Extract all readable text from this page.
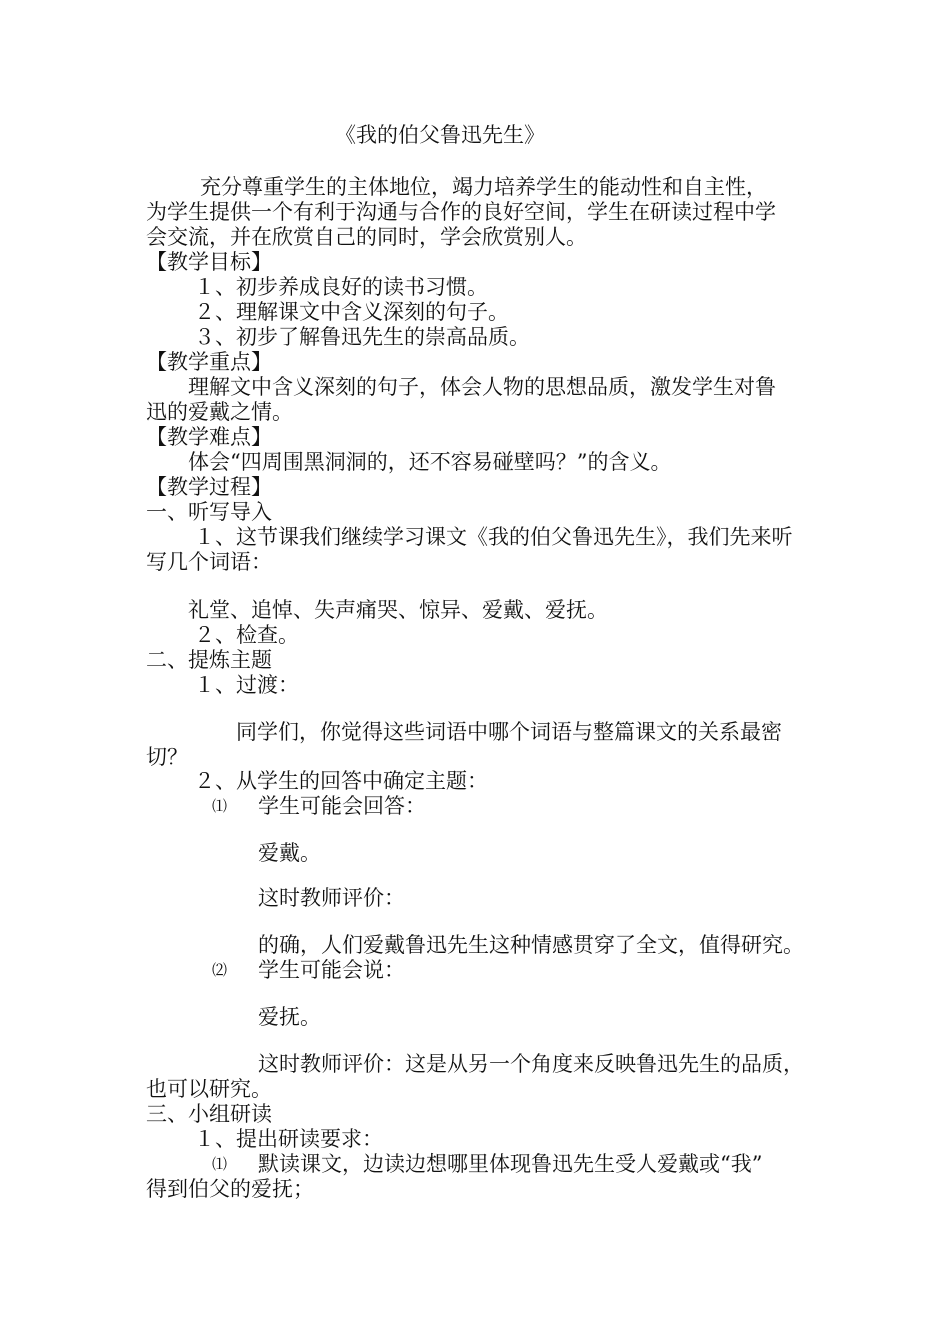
《我的伯父鲁迅先生》
充分尊重学生的主体地位，竭力培养学生的能动性和自主性，
为学生提供一个有利于沟通与合作的良好空间，学生在研读过程中学
会交流，并在欣赏自己的同时，学会欣赏别人。
【教学目标】
１、初步养成良好的读书习惯。
２、理解课文中含义深刻的句子。
３、初步了解鲁迅先生的崇高品质。
【教学重点】
理解文中含义深刻的句子，体会人物的思想品质，激发学生对鲁
迅的爱戴之情。
【教学难点】
体会“四周围黑洞洞的，还不容易碰壁吗？”的含义。
【教学过程】
一、听写导入
１、这节课我们继续学习课文《我的伯父鲁迅先生》，我们先来听
写几个词语：
礼堂、追悼、失声痛哭、惊异、爱戴、爱抚。
２、检查。
二、提炼主题
１、过渡：
同学们，你觉得这些词语中哪个词语与整篇课文的关系最密
切？
２、从学生的回答中确定主题：
⑴ 学生可能会回答：
爱戴。
这时教师评价：
的确，人们爱戴鲁迅先生这种情感贯穿了全文，值得研究。
⑵ 学生可能会说：
爱抚。
这时教师评价：这是从另一个角度来反映鲁迅先生的品质，
也可以研究。
三、小组研读
１、提出研读要求：
⑴ 默读课文，边读边想哪里体现鲁迅先生受人爱戴或“我”
得到伯父的爱抚；
